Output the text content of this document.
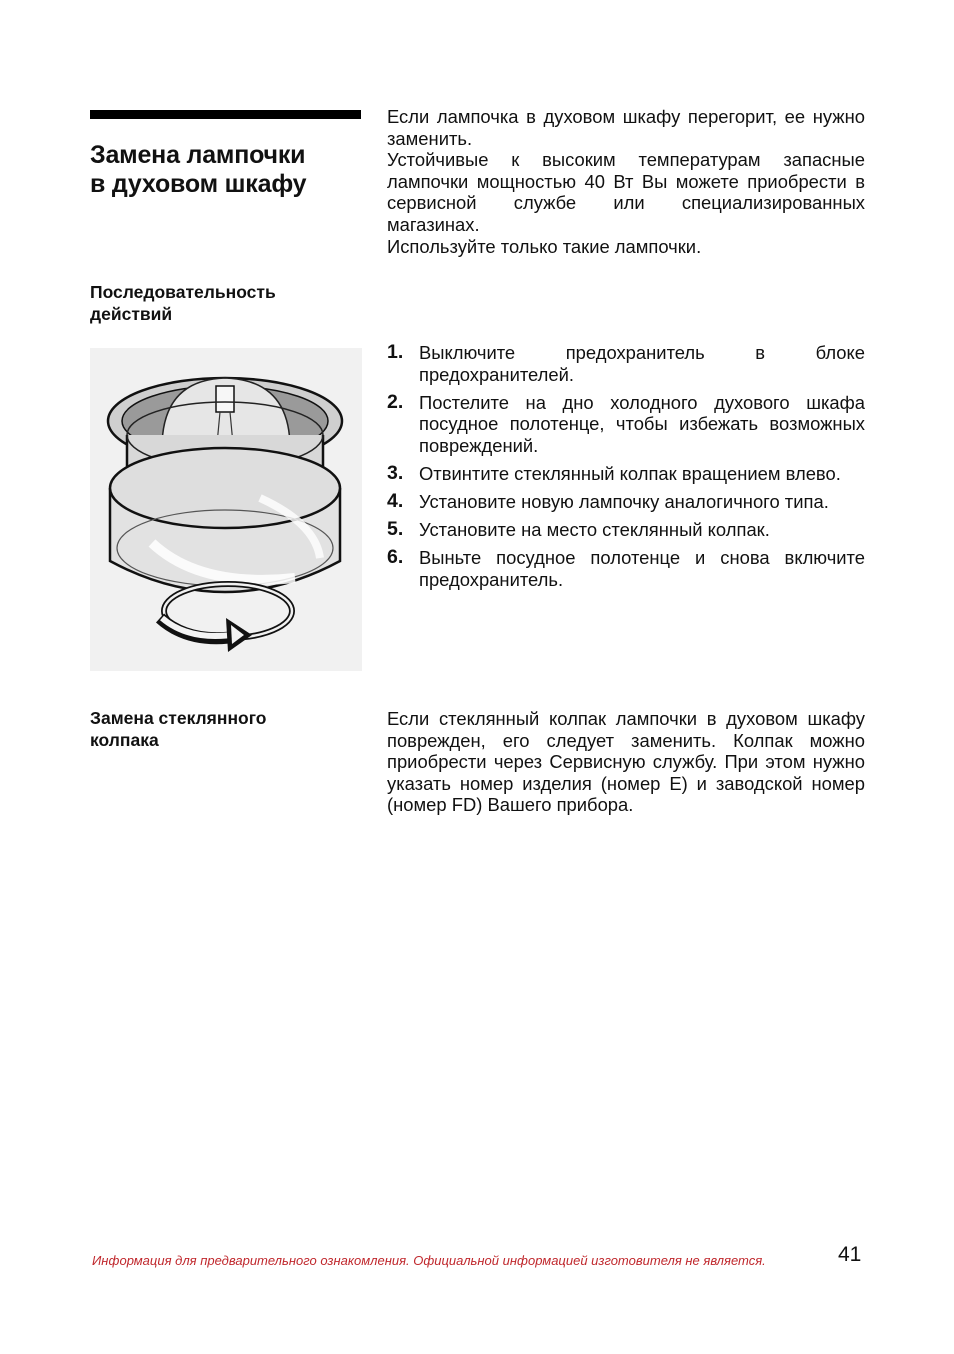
Замена лампочки
в духовом шкафу

Если лампочка в духовом шкафу перегорит, ее нужно заменить.

Устойчивые к высоким температурам запасные лампочки мощностью 40 Вт Вы можете приобрести в сервисной службе или специализированных магазинах.

Используйте только такие лампочки.

Последовательность
действий
1. Выключите предохранитель в блоке предохранителей.
2. Постелите на дно холодного духового шкафа посудное полотенце, чтобы избежать возможных повреждений.
3. Отвинтите стеклянный колпак вращением влево.
4. Установите новую лампочку аналогичного типа.
5. Установите на место стеклянный колпак.
6. Выньте посудное полотенце и снова включите предохранитель.
Замена стеклянного
колпака

Если стеклянный колпак лампочки в духовом шкафу поврежден, его следует заменить. Колпак можно приобрести через Сервисную службу. При этом нужно указать номер изделия (номер E) и заводской номер (номер FD) Вашего прибора.

Информация для предварительного ознакомления. Официальной информацией изготовителя не является.	41
